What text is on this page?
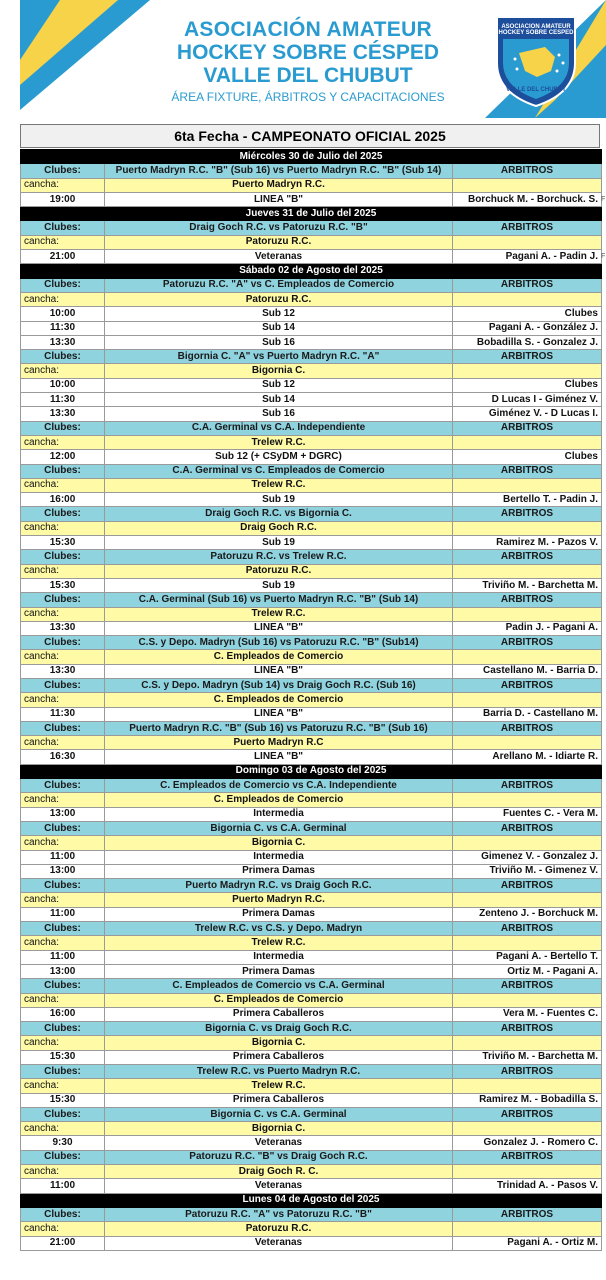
ASOCIACIÓN AMATEUR
HOCKEY SOBRE CÉSPED
VALLE DEL CHUBUT
ÁREA FIXTURE, ÁRBITROS Y CAPACITACIONES
ASOCIACION AMATEUR HOCKEY SOBRE CESPED
VALLE DEL CHUBUT
6ta Fecha - CAMPEONATO OFICIAL 2025
Miércoles 30 de Julio del 2025		
Clubes:	Puerto Madryn R.C. "B" (Sub 16) vs Puerto Madryn R.C. "B" (Sub 14)	ARBITROS
cancha:	Puerto Madryn R.C.	
19:00	LINEA "B"	Borchuck M. - Borchuck. S.
Jueves 31 de Julio del 2025		
Clubes:	Draig Goch R.C. vs Patoruzu R.C. "B"	ARBITROS
cancha:	Patoruzu R.C.	
21:00	Veteranas	Pagani A. - Padin J.
Sábado 02 de Agosto del 2025		
Clubes:	Patoruzu R.C. "A" vs C. Empleados de Comercio	ARBITROS
cancha:	Patoruzu R.C.	
10:00	Sub 12	Clubes
11:30	Sub 14	Pagani A. - González J.
13:30	Sub 16	Bobadilla S. - Gonzalez J.
Clubes:	Bigornia C. "A" vs Puerto Madryn R.C. "A"	ARBITROS
cancha:	Bigornia C.	
10:00	Sub 12	Clubes
11:30	Sub 14	D Lucas I - Giménez V.
13:30	Sub 16	Giménez V. - D Lucas I.
Clubes:	C.A. Germinal vs C.A. Independiente	ARBITROS
cancha:	Trelew R.C.	
12:00	Sub 12 (+ CSyDM + DGRC)	Clubes
Clubes:	C.A. Germinal vs C. Empleados de Comercio	ARBITROS
cancha:	Trelew R.C.	
16:00	Sub 19	Bertello T. - Padin J.
Clubes:	Draig Goch R.C. vs Bigornia C.	ARBITROS
cancha:	Draig Goch R.C.	
15:30	Sub 19	Ramirez M. - Pazos V.
Clubes:	Patoruzu R.C. vs Trelew R.C.	ARBITROS
cancha:	Patoruzu R.C.	
15:30	Sub 19	Triviño M. - Barchetta M.
Clubes:	C.A. Germinal (Sub 16) vs Puerto Madryn R.C. "B" (Sub 14)	ARBITROS
cancha:	Trelew R.C.	
13:30	LINEA "B"	Padin J. - Pagani A.
Clubes:	C.S. y Depo. Madryn (Sub 16) vs Patoruzu R.C. "B" (Sub14)	ARBITROS
cancha:	C. Empleados de Comercio	
13:30	LINEA "B"	Castellano M. - Barria D.
Clubes:	C.S. y Depo. Madryn (Sub 14) vs Draig Goch R.C. (Sub 16)	ARBITROS
cancha:	C. Empleados de Comercio	
11:30	LINEA "B"	Barria D. - Castellano M.
Clubes:	Puerto Madryn R.C. "B" (Sub 16) vs Patoruzu R.C. "B" (Sub 16)	ARBITROS
cancha:	Puerto Madryn R.C	
16:30	LINEA "B"	Arellano M. - Idiarte R.
Domingo 03 de Agosto del 2025		
Clubes:	C. Empleados de Comercio vs C.A. Independiente	ARBITROS
cancha:	C. Empleados de Comercio	
13:00	Intermedia	Fuentes C. - Vera M.
Clubes:	Bigornia C. vs C.A. Germinal	ARBITROS
cancha:	Bigornia C.	
11:00	Intermedia	Gimenez V. - Gonzalez J.
13:00	Primera Damas	Triviño M. - Gimenez V.
Clubes:	Puerto Madryn R.C. vs Draig Goch R.C.	ARBITROS
cancha:	Puerto Madryn R.C.	
11:00	Primera Damas	Zenteno J. - Borchuck M.
Clubes:	Trelew R.C. vs C.S. y Depo. Madryn	ARBITROS
cancha:	Trelew R.C.	
11:00	Intermedia	Pagani A. - Bertello T.
13:00	Primera Damas	Ortiz M. - Pagani A.
Clubes:	C. Empleados de Comercio vs C.A. Germinal	ARBITROS
cancha:	C. Empleados de Comercio	
16:00	Primera Caballeros	Vera M. - Fuentes C.
Clubes:	Bigornia C. vs Draig Goch R.C.	ARBITROS
cancha:	Bigornia C.	
15:30	Primera Caballeros	Triviño M. - Barchetta M.
Clubes:	Trelew R.C. vs Puerto Madryn R.C.	ARBITROS
cancha:	Trelew R.C.	
15:30	Primera Caballeros	Ramirez M. - Bobadilla S.
Clubes:	Bigornia C. vs C.A. Germinal	ARBITROS
cancha:	Bigornia C.	
9:30	Veteranas	Gonzalez J. - Romero C.
Clubes:	Patoruzu R.C. "B" vs Draig Goch R.C.	ARBITROS
cancha:	Draig Goch R. C.	
11:00	Veteranas	Trinidad A. - Pasos V.
Lunes 04 de Agosto del 2025		
Clubes:	Patoruzu R.C. "A" vs Patoruzu R.C. "B"	ARBITROS
cancha:	Patoruzu R.C.	
21:00	Veteranas	Pagani A. - Ortiz M.
F
F
